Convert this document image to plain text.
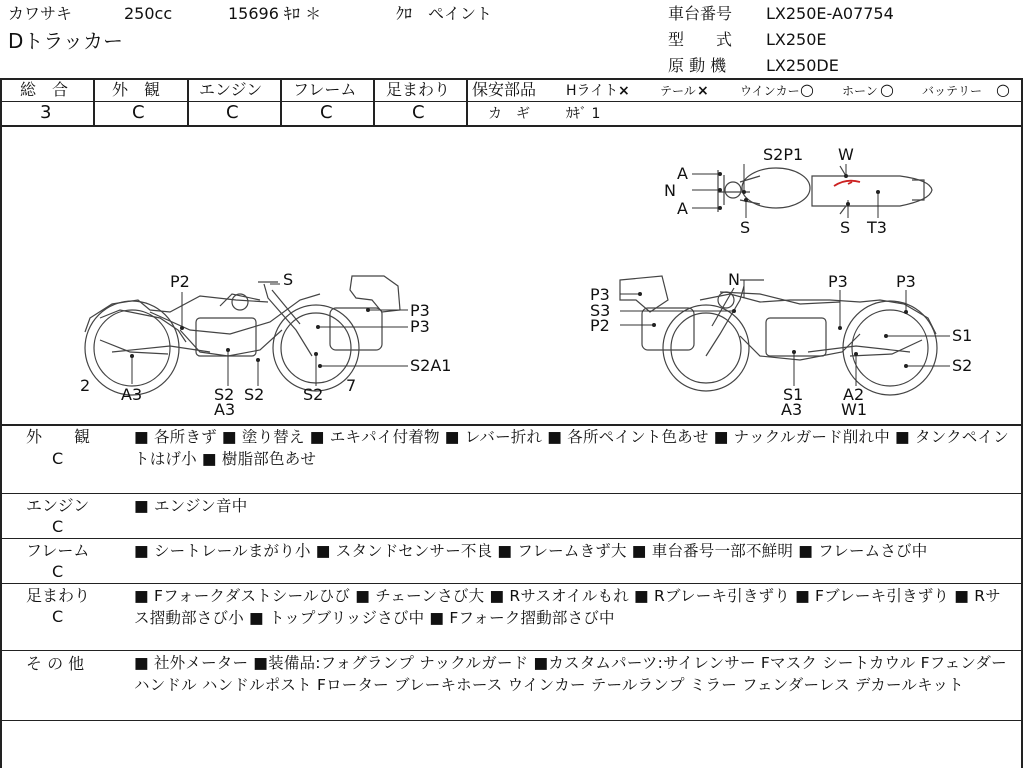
カワサキ	250cc	15696 ｷﾛ ＊	ｸﾛ　ペイント
Dトラッカー
車台番号 LX250E-A07754
型　　式 LX250E
原 動 機 LX250DE
総　合	外　観 エンジン フレーム 足まわり
3	C	C	C	C
保安部品 Hライト ×	テール ×	ウインカー ○ ホーン ○ バッテリー ○
カ　ギ	ｶｷﾞ 1
S2P1 W
A
N
A
S	S T3
P2	S
P3
P3
S2A1
2 A3	S2 S2 S2
A3
7
N	P3	P3
P3
S3
P2
S1
S2
S1
A3
A2
W1
外　　観
C
■ 各所きず ■ 塗り替え ■ エキパイ付着物 ■ レバー折れ ■ 各所ペイント色あせ ■ ナックルガード削れ中 ■ タンクペイントはげ小 ■ 樹脂部色あせ
エンジン
C
■ エンジン音中
フレーム
C
■ シートレールまがり小 ■ スタンドセンサー不良 ■ フレームきず大 ■ 車台番号一部不鮮明 ■ フレームさび中
足まわり
C
■ Fフォークダストシールひび ■ チェーンさび大 ■ Rサスオイルもれ ■ Rブレーキ引きずり ■ Fブレーキ引きずり ■ Rサス摺動部さび小 ■ トップブリッジさび中 ■ Fフォーク摺動部さび中
そ の 他	■ 社外メーター ■装備品:フォグランプ ナックルガード ■カスタムパーツ:サイレンサー Fマスク シートカウル Fフェンダー ハンドル ハンドルポスト Fローター ブレーキホース ウインカー テールランプ ミラー フェンダーレス デカールキット
